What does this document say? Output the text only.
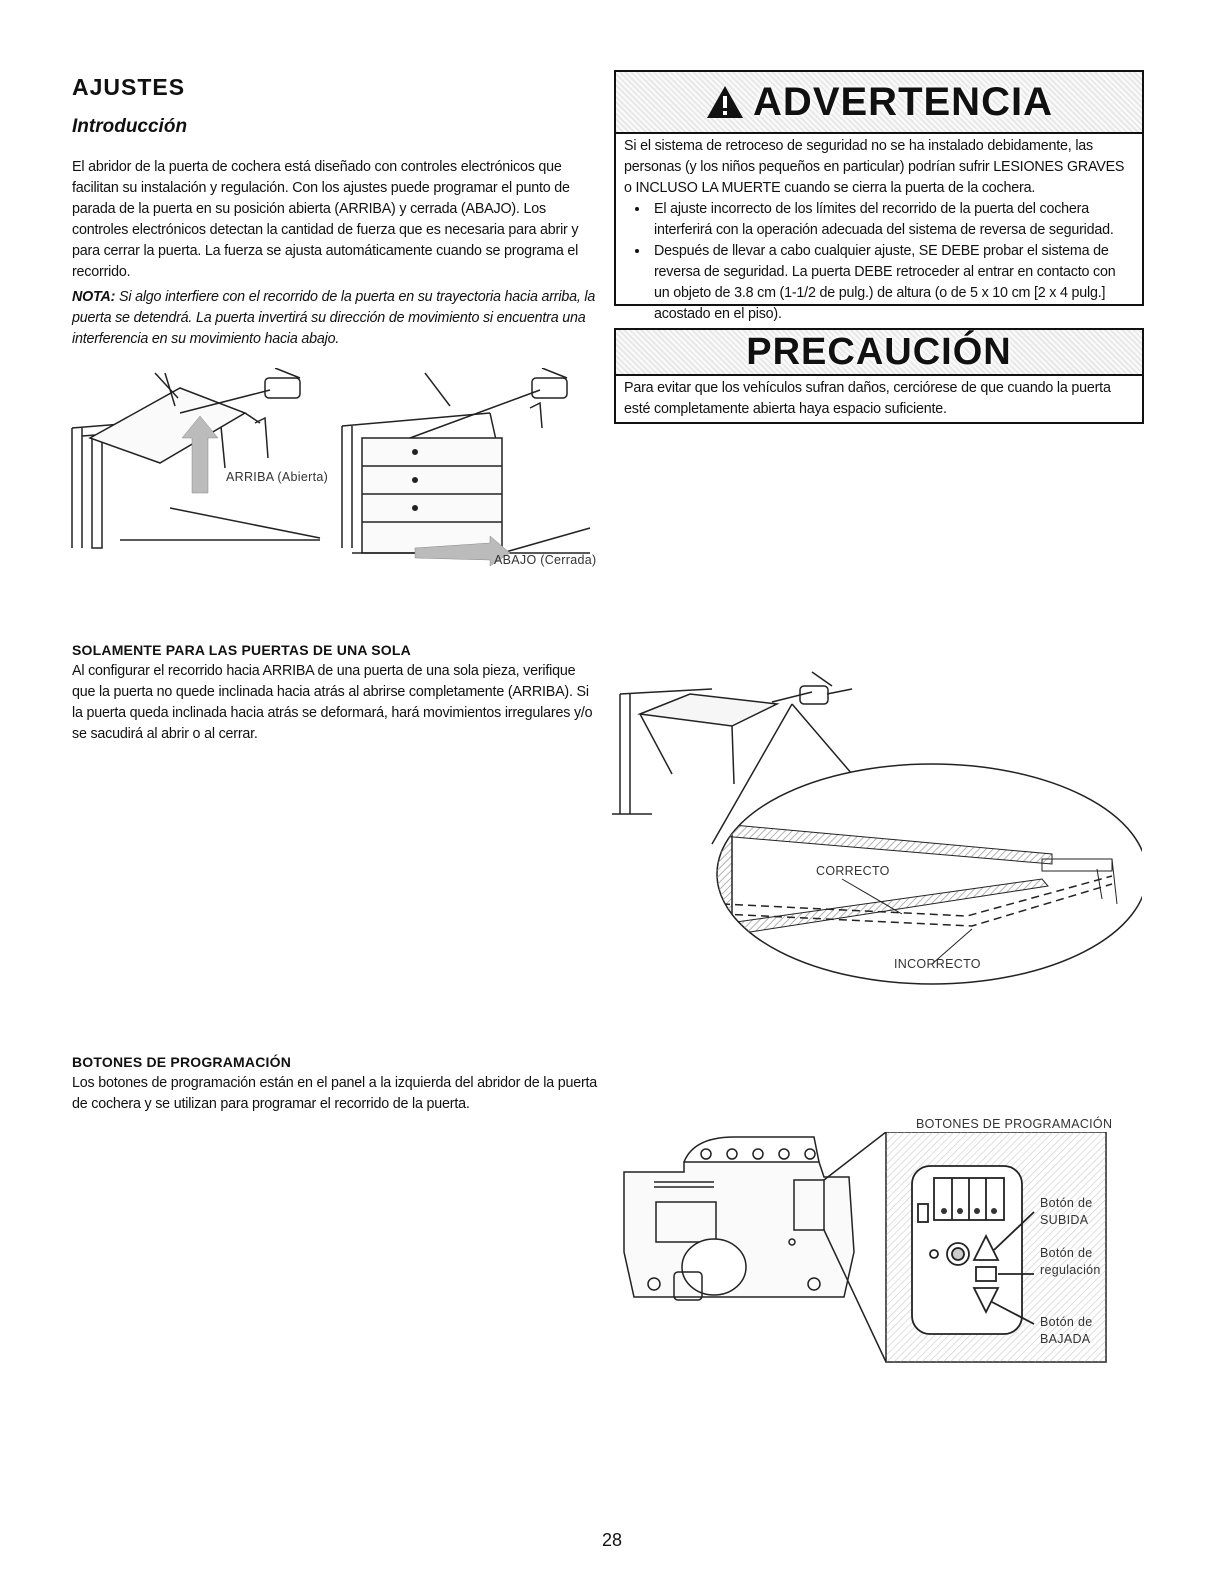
AJUSTES
Introducción

El abridor de la puerta de cochera está diseñado con controles electrónicos que facilitan su instalación y regulación. Con los ajustes puede programar el punto de parada de la puerta en su posición abierta (ARRIBA) y cerrada (ABAJO). Los controles electrónicos detectan la cantidad de fuerza que es necesaria para abrir y para cerrar la puerta. La fuerza se ajusta automáticamente cuando se programa el recorrido.

NOTA: Si algo interfiere con el recorrido de la puerta en su trayectoria hacia arriba, la puerta se detendrá. La puerta invertirá su dirección de movimiento si encuentra una interferencia en su movimiento hacia abajo.

ARRIBA (Abierta)
ABAJO (Cerrada)
ADVERTENCIA

Si el sistema de retroceso de seguridad no se ha instalado debidamente, las personas (y los niños pequeños en particular) podrían sufrir LESIONES GRAVES o INCLUSO LA MUERTE cuando se cierra la puerta de la cochera.

• El ajuste incorrecto de los límites del recorrido de la puerta del cochera interferirá con la operación adecuada del sistema de reversa de seguridad.
• Después de llevar a cabo cualquier ajuste, SE DEBE probar el sistema de reversa de seguridad. La puerta DEBE retroceder al entrar en contacto con un objeto de 3.8 cm (1-1/2 de pulg.) de altura (o de 5 x 10 cm [2 x 4 pulg.] acostado en el piso).
PRECAUCIÓN

Para evitar que los vehículos sufran daños, cerciórese de que cuando la puerta esté completamente abierta haya espacio suficiente.

SOLAMENTE PARA LAS PUERTAS DE UNA SOLA

Al configurar el recorrido hacia ARRIBA de una puerta de una sola pieza, verifique que la puerta no quede inclinada hacia atrás al abrirse completamente (ARRIBA). Si la puerta queda inclinada hacia atrás se deformará, hará movimientos irregulares y/o se sacudirá al abrir o al cerrar.

CORRECTO
INCORRECTO
BOTONES DE PROGRAMACIÓN

Los botones de programación están en el panel a la izquierda del abridor de la puerta de cochera y se utilizan para programar el recorrido de la puerta.

BOTONES DE PROGRAMACIÓN
Botón de
SUBIDA
Botón de
regulación
Botón de
BAJADA
28
